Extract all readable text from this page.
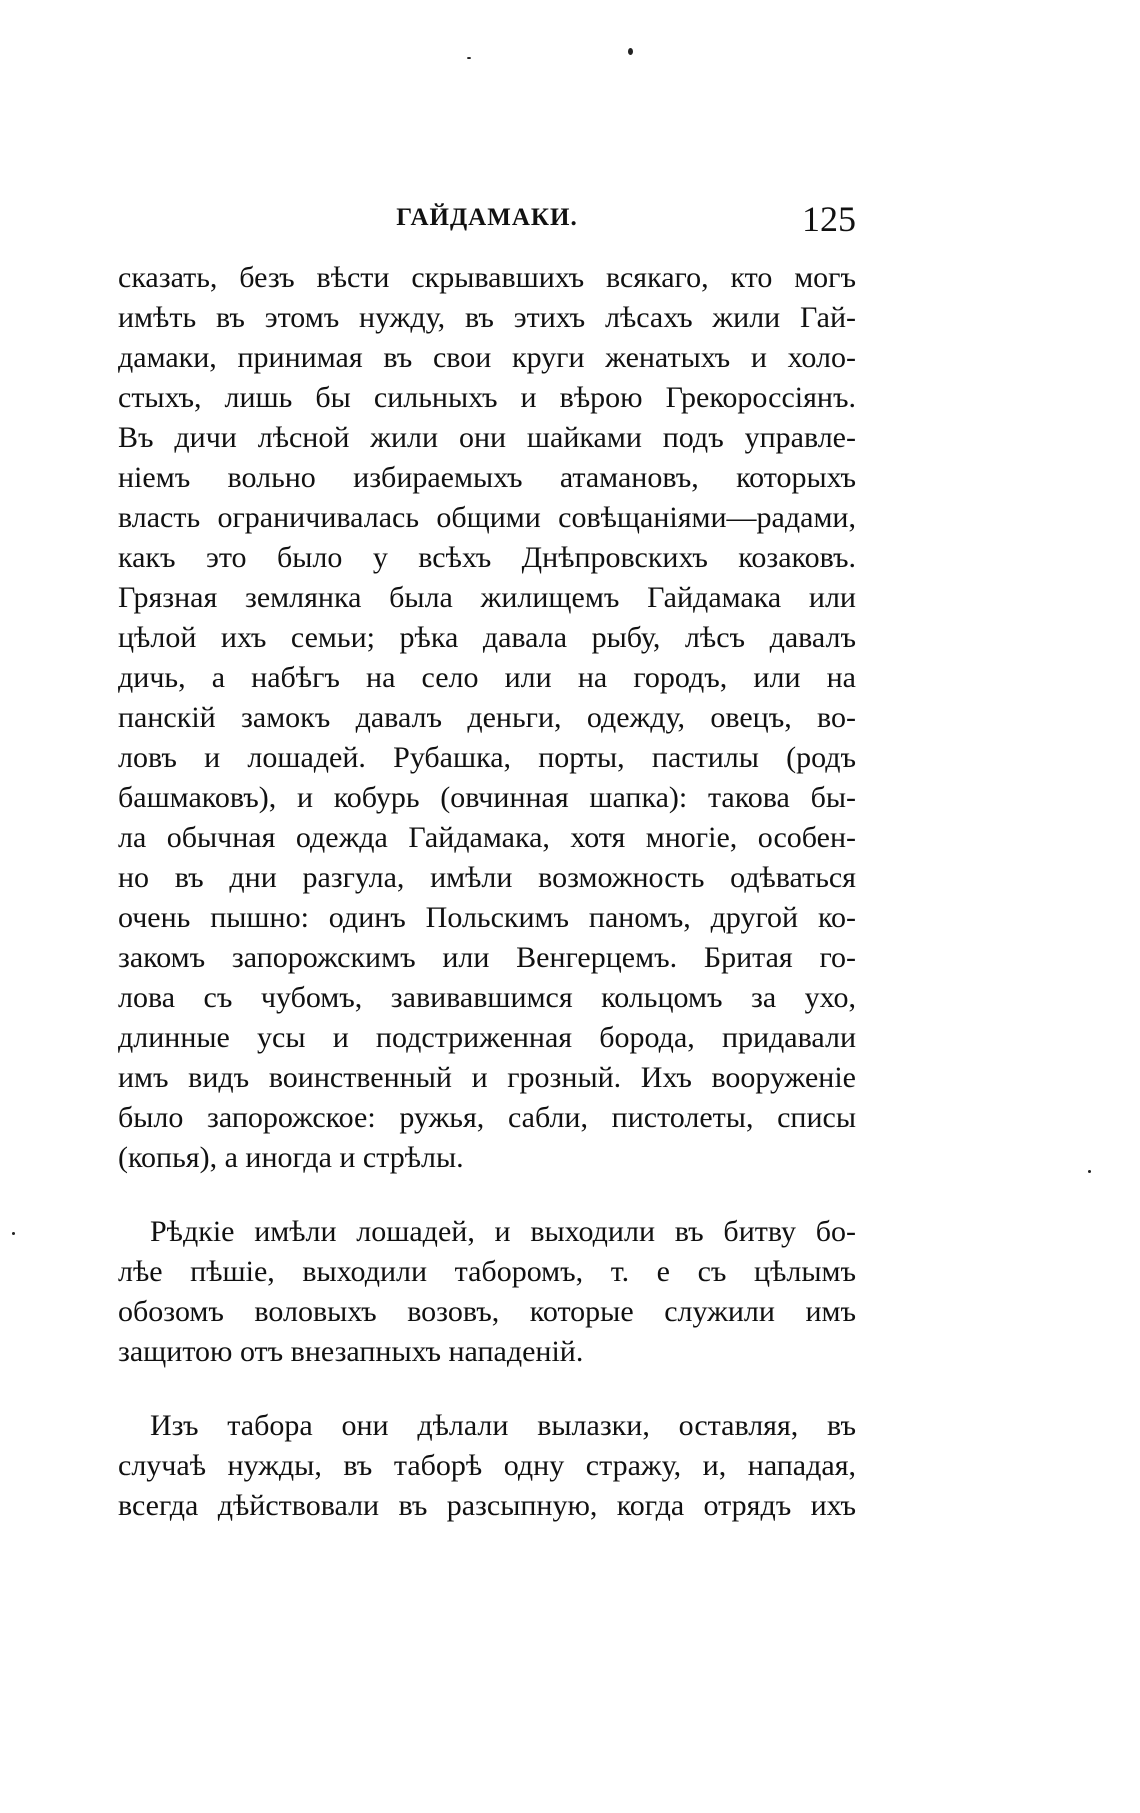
ГАЙДАМАКИ.	125
сказать, безъ вѣсти скрывавшихъ всякаго, кто могъ
имѣть въ этомъ нужду, въ этихъ лѣсахъ жили Гай-
дамаки, принимая въ свои круги женатыхъ и холо-
стыхъ, лишь бы сильныхъ и вѣрою Грекороссіянъ.
Въ дичи лѣсной жили они шайками подъ управле-
ніемъ вольно избираемыхъ атамановъ, которыхъ
власть ограничивалась общими совѣщаніями—радами,
какъ это было у всѣхъ Днѣпровскихъ козаковъ.
Грязная землянка была жилищемъ Гайдамака или
цѣлой ихъ семьи; рѣка давала рыбу, лѣсъ давалъ
дичь, а набѣгъ на село или на городъ, или на
панскій замокъ давалъ деньги, одежду, овецъ, во-
ловъ и лошадей. Рубашка, порты, пастилы (родъ
башмаковъ), и кобурь (овчинная шапка): такова бы-
ла обычная одежда Гайдамака, хотя многіе, особен-
но въ дни разгула, имѣли возможность одѣваться
очень пышно: одинъ Польскимъ паномъ, другой ко-
закомъ запорожскимъ или Венгерцемъ. Бритая го-
лова съ чубомъ, завивавшимся кольцомъ за ухо,
длинные усы и подстриженная борода, придавали
имъ видъ воинственный и грозный. Ихъ вооруженіе
было запорожское: ружья, сабли, пистолеты, списы
(копья), а иногда и стрѣлы.
Рѣдкіе имѣли лошадей, и выходили въ битву бо-
лѣе пѣшіе, выходили таборомъ, т. е съ цѣлымъ
обозомъ воловыхъ возовъ, которые служили имъ
защитою отъ внезапныхъ нападеній.
Изъ табора они дѣлали вылазки, оставляя, въ
случаѣ нужды, въ таборѣ одну стражу, и, нападая,
всегда дѣйствовали въ разсыпную, когда отрядъ ихъ
